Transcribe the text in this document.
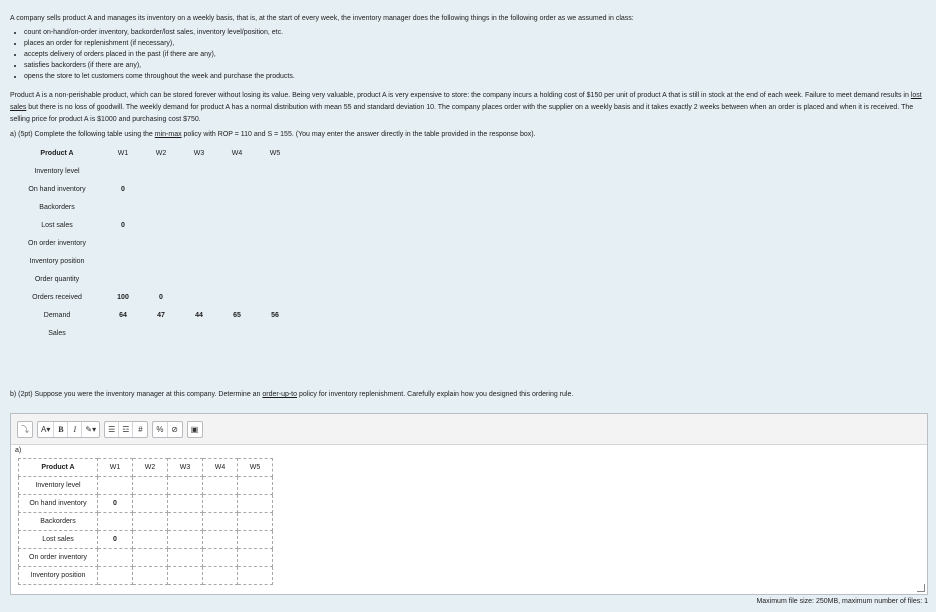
A company sells product A and manages its inventory on a weekly basis, that is, at the start of every week, the inventory manager does the following things in the following order as we assumed in class:

• count on-hand/on-order inventory, backorder/lost sales, inventory level/position, etc.
• places an order for replenishment (if necessary),
• accepts delivery of orders placed in the past (if there are any),
• satisfies backorders (if there are any),
• opens the store to let customers come throughout the week and purchase the products.

Product A is a non-perishable product, which can be stored forever without losing its value. Being very valuable, product A is very expensive to store: the company incurs a holding cost of $150 per unit of product A that is still in stock at the end of each week. Failure to meet demand results in lost sales but there is no loss of goodwill. The weekly demand for product A has a normal distribution with mean 55 and standard deviation 10. The company places order with the supplier on a weekly basis and it takes exactly 2 weeks between when an order is placed and when it is received. The selling price for product A is $1000 and purchasing cost $750.

a) (5pt) Complete the following table using the min-max policy with ROP = 110 and S = 155. (You may enter the answer directly in the table provided in the response box).

Product A	W1	W2	W3	W4	W5
Inventory level					
On hand inventory	0				
Backorders					
Lost sales	0				
On order inventory					
Inventory position					
Order quantity					
Orders received	100	0			
Demand	64	47	44	65	56
Sales					

b) (2pt) Suppose you were the inventory manager at this company. Determine an order-up-to policy for inventory replenishment. Carefully explain how you designed this ordering rule.

⤵	A▾ B	I	✎▾	☰ ☲	#	% ⊘	▣
a)
Product A	W1	W2	W3	W4	W5
Inventory level					
On hand inventory	0				
Backorders					
Lost sales	0				
On order inventory					
Inventory position					
Maximum file size: 250MB, maximum number of files: 1
